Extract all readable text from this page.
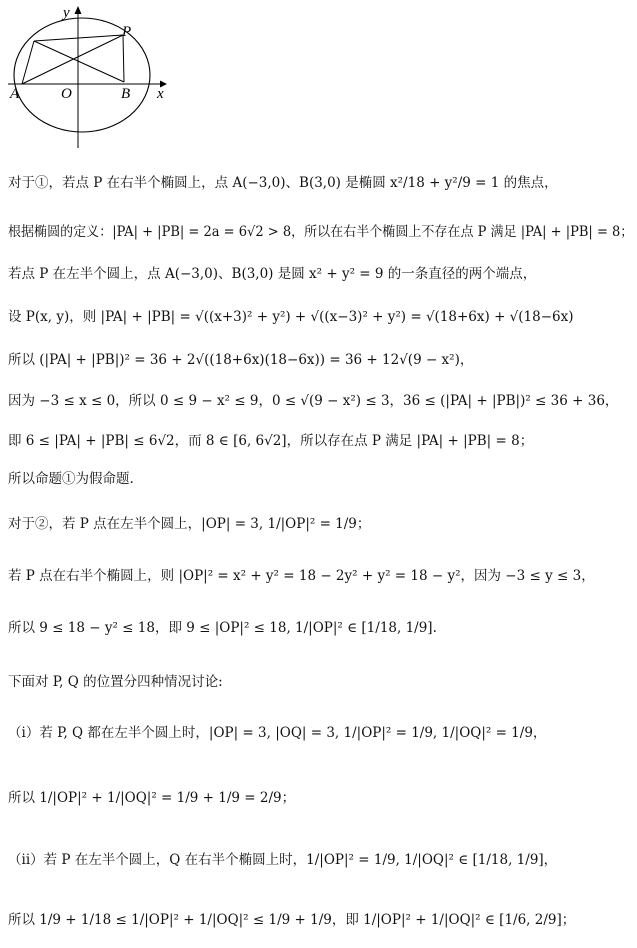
y
x
P
A	O	B
对于①，若点 P 在右半个椭圆上，点 A(−3,0)、B(3,0) 是椭圆 x²/18 + y²/9 = 1 的焦点，
根据椭圆的定义：|PA| + |PB| = 2a = 6√2 > 8，所以在右半个椭圆上不存在点 P 满足 |PA| + |PB| = 8；
若点 P 在左半个圆上，点 A(−3,0)、B(3,0) 是圆 x² + y² = 9 的一条直径的两个端点，
设 P(x, y)，则 |PA| + |PB| = √((x+3)² + y²) + √((x−3)² + y²) = √(18+6x) + √(18−6x)
所以 (|PA| + |PB|)² = 36 + 2√((18+6x)(18−6x)) = 36 + 12√(9 − x²)，
因为 −3 ≤ x ≤ 0，所以 0 ≤ 9 − x² ≤ 9，0 ≤ √(9 − x²) ≤ 3，36 ≤ (|PA| + |PB|)² ≤ 36 + 36，
即 6 ≤ |PA| + |PB| ≤ 6√2，而 8 ∈ [6, 6√2]，所以存在点 P 满足 |PA| + |PB| = 8；
所以命题①为假命题.
对于②，若 P 点在左半个圆上，|OP| = 3, 1/|OP|² = 1/9；
若 P 点在右半个椭圆上，则 |OP|² = x² + y² = 18 − 2y² + y² = 18 − y²，因为 −3 ≤ y ≤ 3，
所以 9 ≤ 18 − y² ≤ 18，即 9 ≤ |OP|² ≤ 18, 1/|OP|² ∈ [1/18, 1/9].
下面对 P, Q 的位置分四种情况讨论:
（i）若 P, Q 都在左半个圆上时，|OP| = 3, |OQ| = 3, 1/|OP|² = 1/9, 1/|OQ|² = 1/9，
所以 1/|OP|² + 1/|OQ|² = 1/9 + 1/9 = 2/9；
（ii）若 P 在左半个圆上，Q 在右半个椭圆上时，1/|OP|² = 1/9, 1/|OQ|² ∈ [1/18, 1/9]，
所以 1/9 + 1/18 ≤ 1/|OP|² + 1/|OQ|² ≤ 1/9 + 1/9，即 1/|OP|² + 1/|OQ|² ∈ [1/6, 2/9]；
